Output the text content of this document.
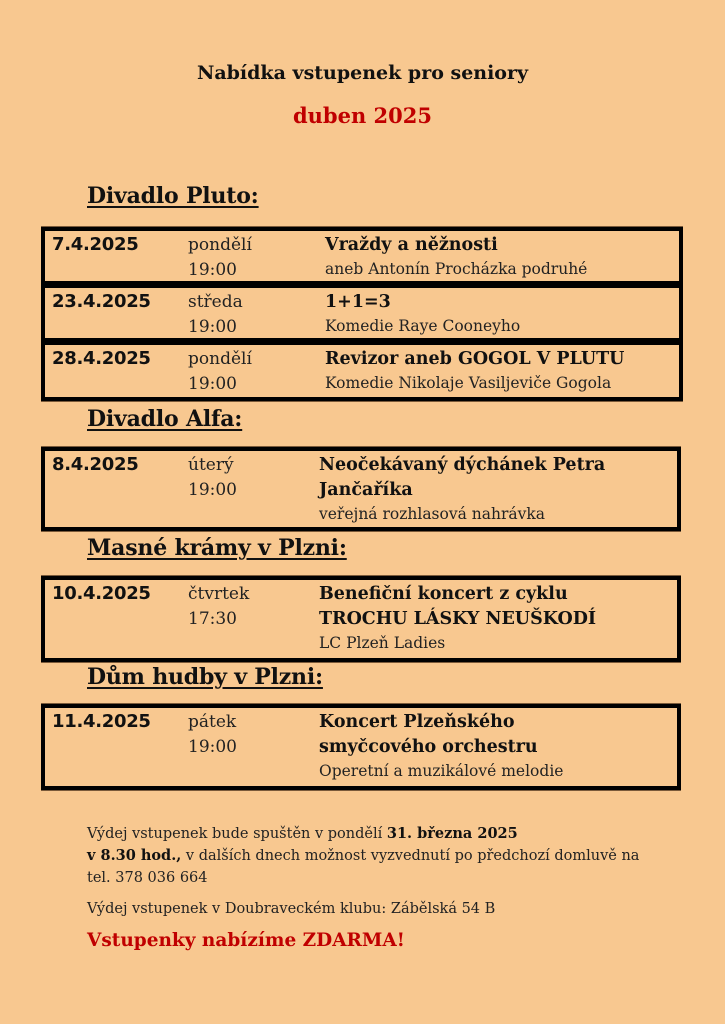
Nabídka vstupenek pro seniory
duben 2025
Divadlo Pluto:
7.4.2025	pondělí
19:00
Vraždy a něžnosti
aneb Antonín Procházka podruhé
23.4.2025 středa
19:00
1+1=3
Komedie Raye Cooneyho
28.4.2025 pondělí
19:00
Revizor aneb GOGOL V PLUTU
Komedie Nikolaje Vasiljeviče Gogola
Divadlo Alfa:
8.4.2025	úterý
19:00
Neočekávaný dýchánek Petra
Jančaříka
veřejná rozhlasová nahrávka
Masné krámy v Plzni:
10.4.2025 čtvrtek
17:30
Benefiční koncert z cyklu
TROCHU LÁSKY NEUŠKODÍ
LC Plzeň Ladies
Dům hudby v Plzni:
11.4.2025 pátek
19:00
Koncert Plzeňského
smyčcového orchestru
Operetní a muzikálové melodie
Výdej vstupenek bude spuštěn v pondělí 31. března 2025
v 8.30 hod., v dalších dnech možnost vyzvednutí po předchozí domluvě na tel. 378 036 664
Výdej vstupenek v Doubraveckém klubu: Zábělská 54 B
Vstupenky nabízíme ZDARMA!
